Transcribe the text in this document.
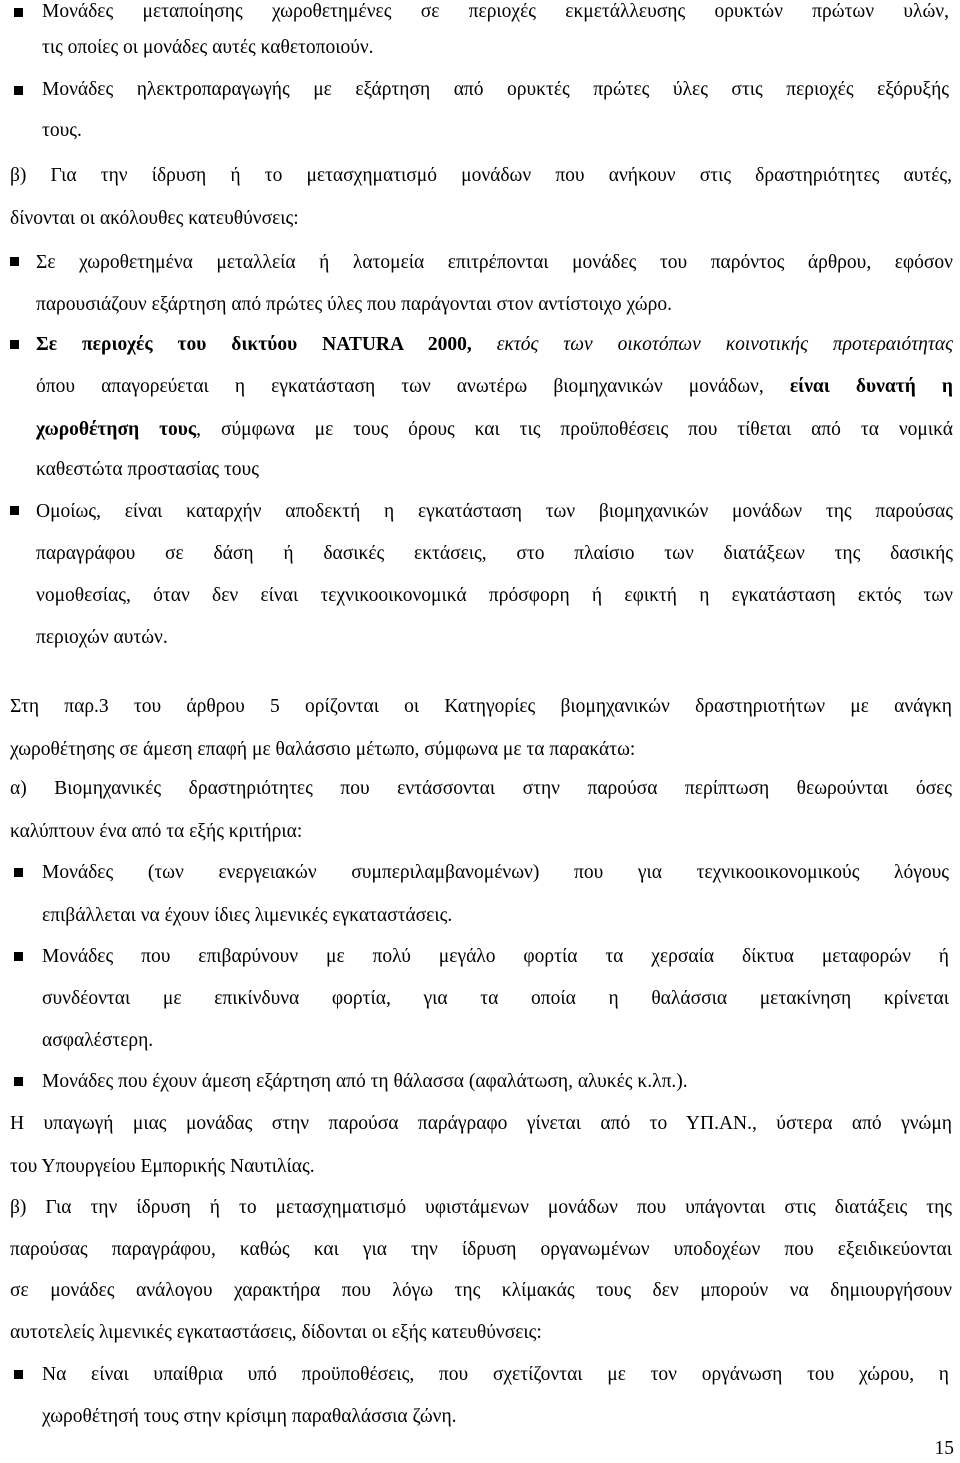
Μονάδες μεταποίησης χωροθετημένες σε περιοχές εκμετάλλευσης ορυκτών πρώτων υλών,
τις οποίες οι μονάδες αυτές καθετοποιούν.
Μονάδες ηλεκτροπαραγωγής με εξάρτηση από ορυκτές πρώτες ύλες στις περιοχές εξόρυξής
τους.
β) Για την ίδρυση ή το μετασχηματισμό μονάδων που ανήκουν στις δραστηριότητες αυτές,
δίνονται οι ακόλουθες κατευθύνσεις:
Σε χωροθετημένα μεταλλεία ή λατομεία επιτρέπονται μονάδες του παρόντος άρθρου, εφόσον
παρουσιάζουν εξάρτηση από πρώτες ύλες που παράγονται στον αντίστοιχο χώρο.
Σε περιοχές του δικτύου NATURA 2000, εκτός των οικοτόπων κοινοτικής προτεραιότητας
όπου απαγορεύεται η εγκατάσταση των ανωτέρω βιομηχανικών μονάδων, είναι δυνατή η
χωροθέτηση τους, σύμφωνα με τους όρους και τις προϋποθέσεις που τίθεται από τα νομικά
καθεστώτα προστασίας τους
Ομοίως, είναι καταρχήν αποδεκτή η εγκατάσταση των βιομηχανικών μονάδων της παρούσας
παραγράφου σε δάση ή δασικές εκτάσεις, στο πλαίσιο των διατάξεων της δασικής
νομοθεσίας, όταν δεν είναι τεχνικοοικονομικά πρόσφορη ή εφικτή η εγκατάσταση εκτός των
περιοχών αυτών.
Στη παρ.3 του άρθρου 5 ορίζονται οι Κατηγορίες βιομηχανικών δραστηριοτήτων με ανάγκη
χωροθέτησης σε άμεση επαφή με θαλάσσιο μέτωπο, σύμφωνα με τα παρακάτω:
α) Βιομηχανικές δραστηριότητες που εντάσσονται στην παρούσα περίπτωση θεωρούνται όσες
καλύπτουν ένα από τα εξής κριτήρια:
Μονάδες (των ενεργειακών συμπεριλαμβανομένων) που για τεχνικοοικονομικούς λόγους
επιβάλλεται να έχουν ίδιες λιμενικές εγκαταστάσεις.
Μονάδες που επιβαρύνουν με πολύ μεγάλο φορτία τα χερσαία δίκτυα μεταφορών ή
συνδέονται με επικίνδυνα φορτία, για τα οποία η θαλάσσια μετακίνηση κρίνεται
ασφαλέστερη.
Μονάδες που έχουν άμεση εξάρτηση από τη θάλασσα (αφαλάτωση, αλυκές κ.λπ.).
Η υπαγωγή μιας μονάδας στην παρούσα παράγραφο γίνεται από το ΥΠ.ΑΝ., ύστερα από γνώμη
του Υπουργείου Εμπορικής Ναυτιλίας.
β) Για την ίδρυση ή το μετασχηματισμό υφιστάμενων μονάδων που υπάγονται στις διατάξεις της
παρούσας παραγράφου, καθώς και για την ίδρυση οργανωμένων υποδοχέων που εξειδικεύονται
σε μονάδες ανάλογου χαρακτήρα που λόγω της κλίμακάς τους δεν μπορούν να δημιουργήσουν
αυτοτελείς λιμενικές εγκαταστάσεις, δίδονται οι εξής κατευθύνσεις:
Να είναι υπαίθρια υπό προϋποθέσεις, που σχετίζονται με τον οργάνωση του χώρου, η
χωροθέτησή τους στην κρίσιμη παραθαλάσσια ζώνη.
15
